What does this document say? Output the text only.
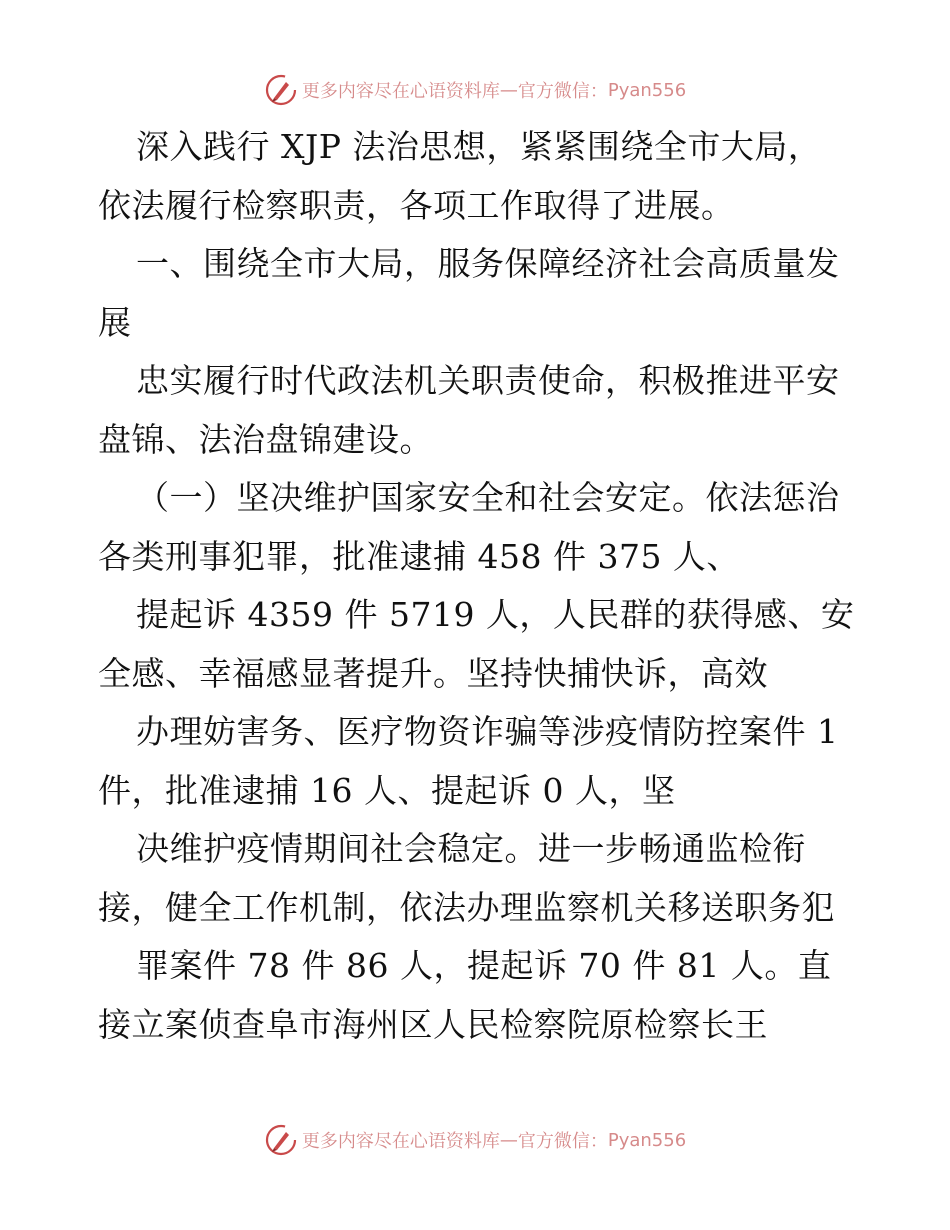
更多内容尽在心语资料库 — 官方微信： Pyan556
深入践行 XJP 法治思想，紧紧围绕全市大局，
依法履行检察职责，各项工作取得了进展。
一、围绕全市大局，服务保障经济社会高质量发
展
忠实履行时代政法机关职责使命，积极推进平安
盘锦、法治盘锦建设。
（一）坚决维护国家安全和社会安定。依法惩治
各类刑事犯罪，批准逮捕 458 件 375 人、
提起诉 4359 件 5719 人，人民群的获得感、安
全感、幸福感显著提升。坚持快捕快诉，高效
办理妨害务、医疗物资诈骗等涉疫情防控案件 1
件，批准逮捕 16 人、提起诉 0 人，坚
决维护疫情期间社会稳定。进一步畅通监检衔
接，健全工作机制，依法办理监察机关移送职务犯
罪案件 78 件 86 人，提起诉 70 件 81 人。直
接立案侦查阜市海州区人民检察院原检察长王
更多内容尽在心语资料库 — 官方微信： Pyan556
